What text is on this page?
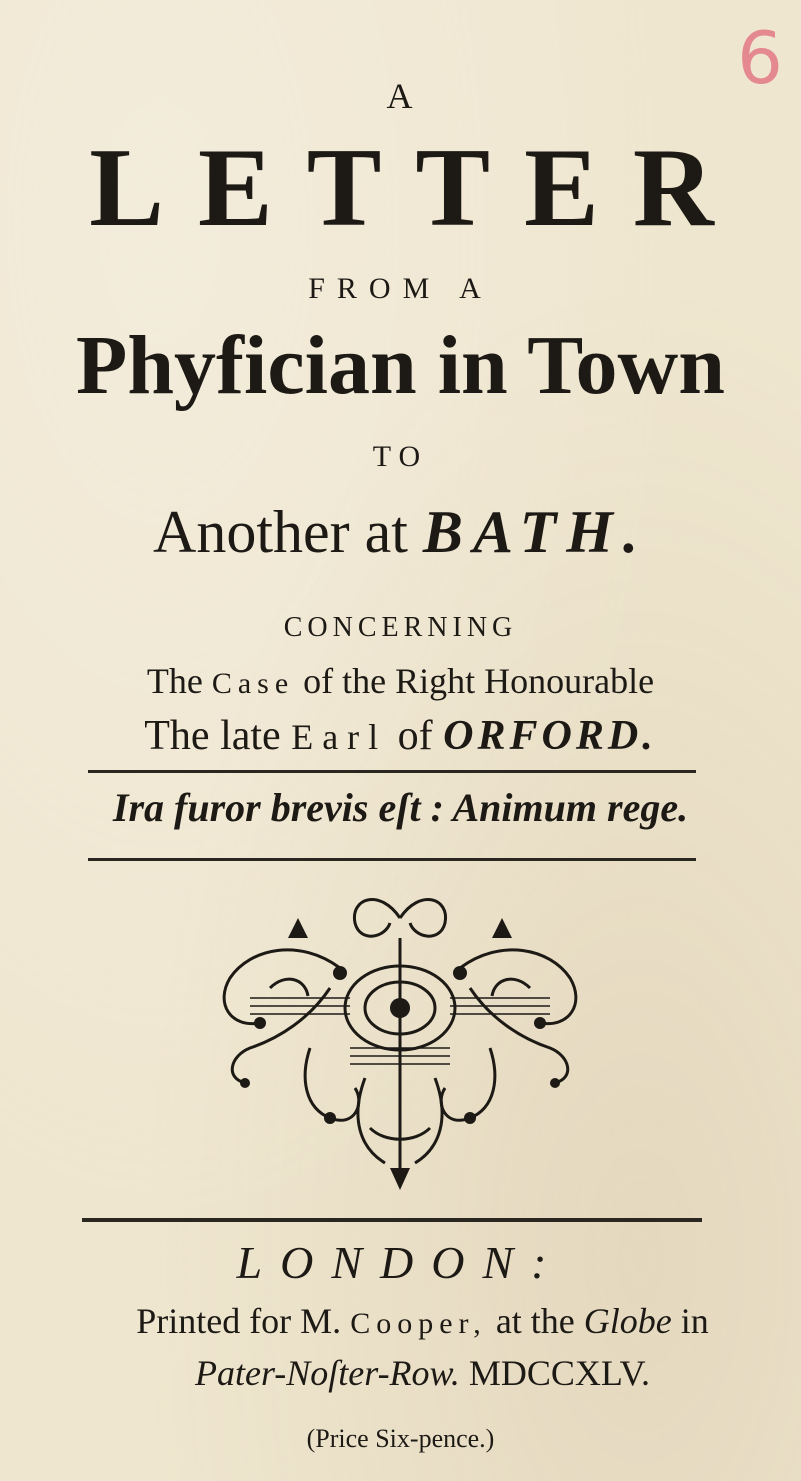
6
A
LETTER
FROM A
Phyfician in Town
TO
Another at BATH.
CONCERNING
The Case of the Right Honourable
The late Earl of ORFORD.
Ira furor brevis eſt : Animum rege.
LONDON:
Printed for M. Cooper, at the Globe in
Pater-Noſter-Row. MDCCXLV.
(Price Six-pence.)
